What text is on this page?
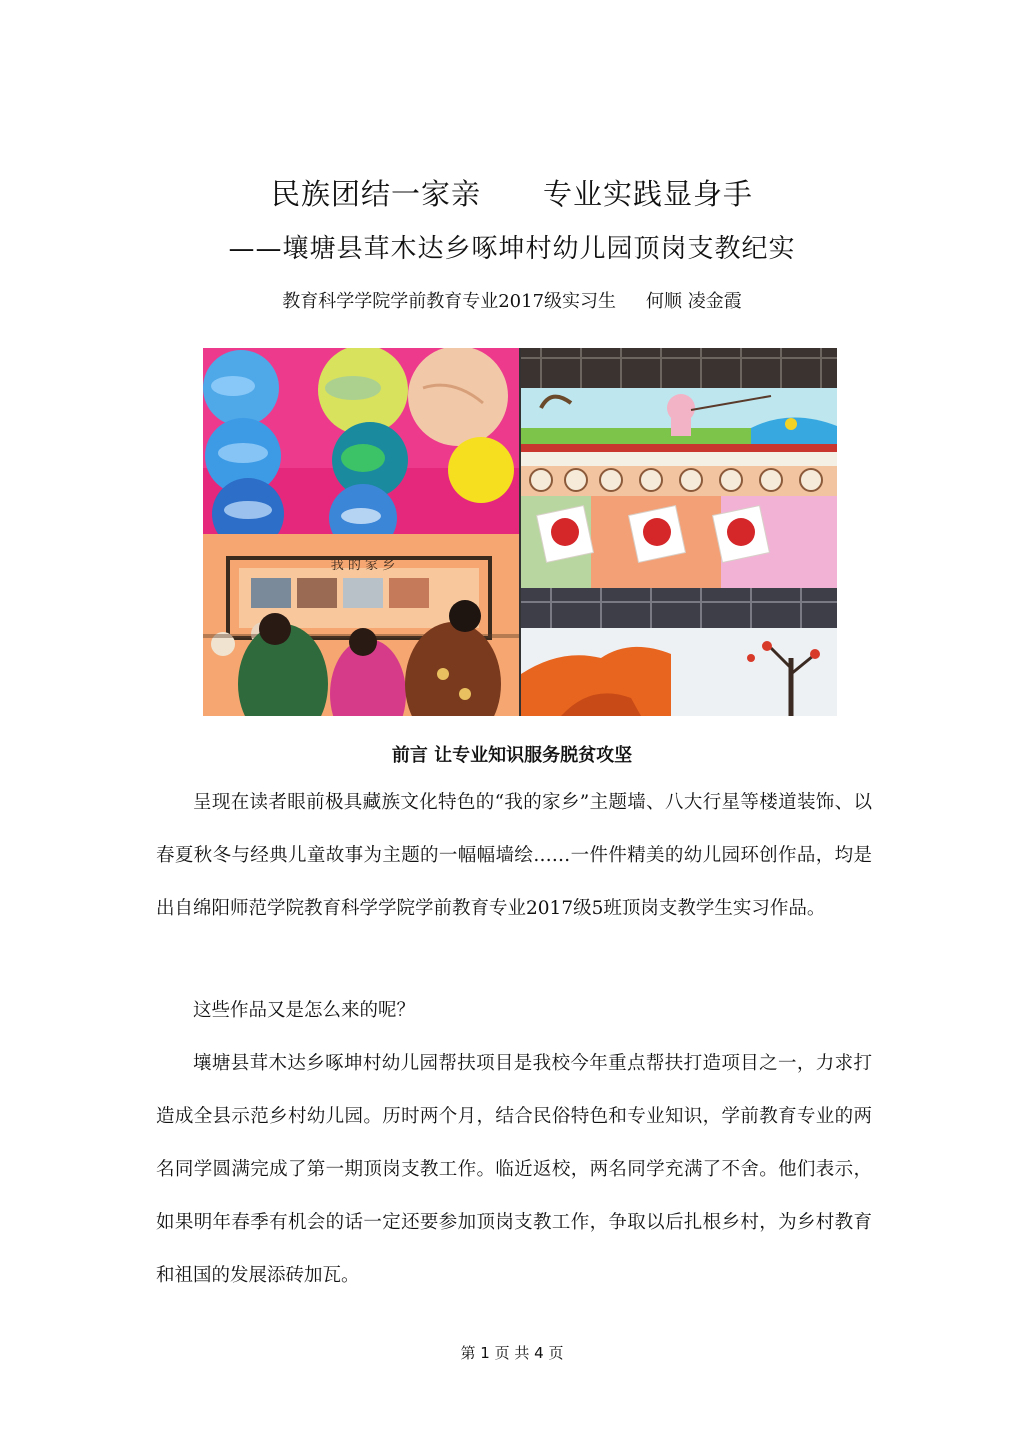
民族团结一家亲 专业实践显身手
——壤塘县茸木达乡啄坤村幼儿园顶岗支教纪实
教育科学学院学前教育专业2017级实习生 何顺 凌金霞
我 的 家 乡
前言 让专业知识服务脱贫攻坚

呈现在读者眼前极具藏族文化特色的“我的家乡”主题墙、八大行星等楼道装饰、以春夏秋冬与经典儿童故事为主题的一幅幅墙绘……一件件精美的幼儿园环创作品，均是出自绵阳师范学院教育科学学院学前教育专业2017级5班顶岗支教学生实习作品。

这些作品又是怎么来的呢？

壤塘县茸木达乡啄坤村幼儿园帮扶项目是我校今年重点帮扶打造项目之一，力求打造成全县示范乡村幼儿园。历时两个月，结合民俗特色和专业知识，学前教育专业的两名同学圆满完成了第一期顶岗支教工作。临近返校，两名同学充满了不舍。他们表示，如果明年春季有机会的话一定还要参加顶岗支教工作，争取以后扎根乡村，为乡村教育和祖国的发展添砖加瓦。

第 1 页 共 4 页
